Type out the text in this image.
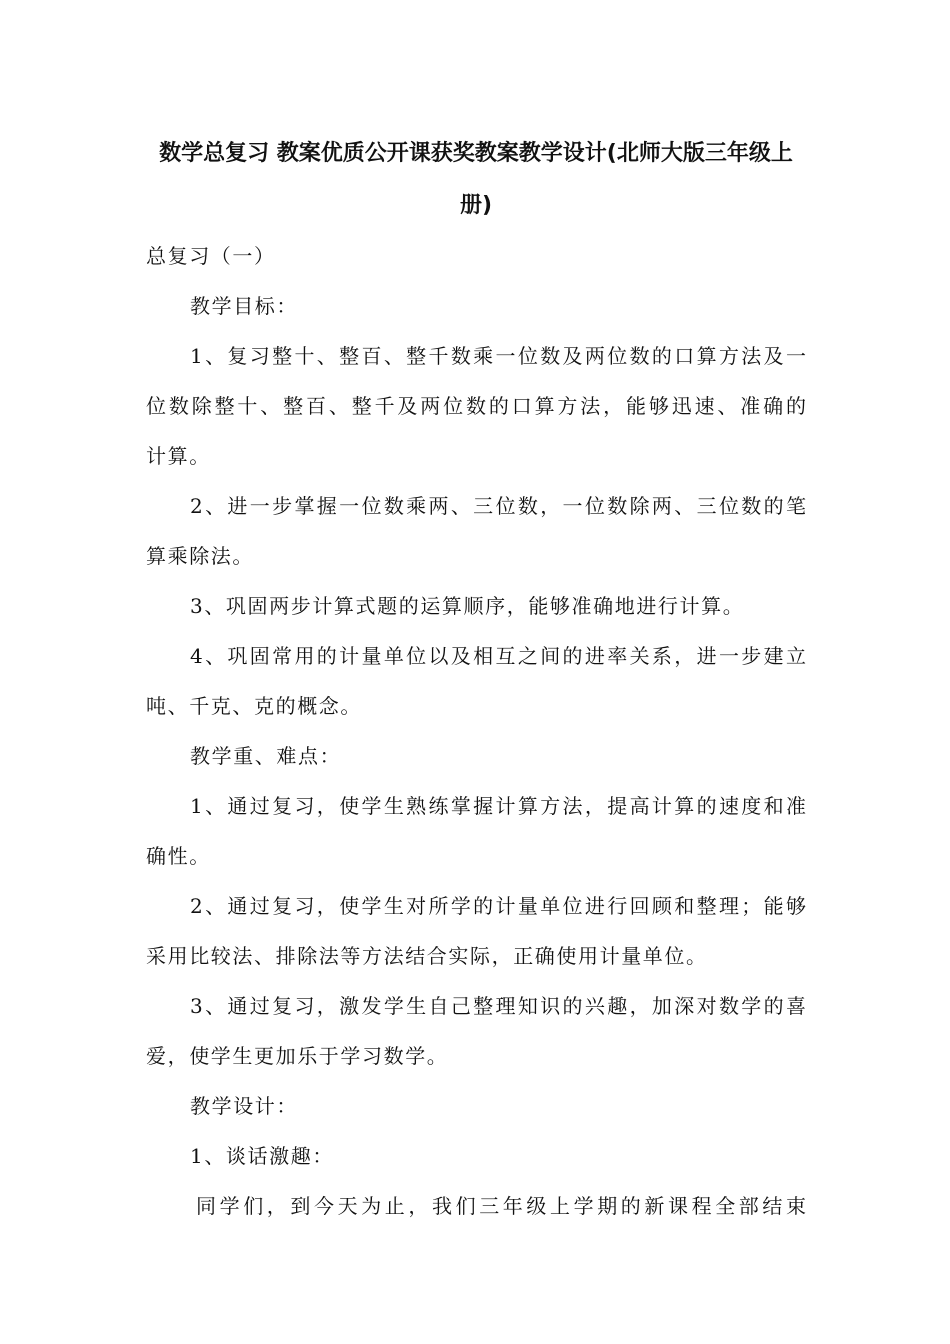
数学总复习 教案优质公开课获奖教案教学设计(北师大版三年级上
册)
总复习（一）
教学目标：
1、复习整十、整百、整千数乘一位数及两位数的口算方法及一
位数除整十、整百、整千及两位数的口算方法，能够迅速、准确的
计算。
2、进一步掌握一位数乘两、三位数，一位数除两、三位数的笔
算乘除法。
3、巩固两步计算式题的运算顺序，能够准确地进行计算。
4、巩固常用的计量单位以及相互之间的进率关系，进一步建立
吨、千克、克的概念。
教学重、难点：
1、通过复习，使学生熟练掌握计算方法，提高计算的速度和准
确性。
2、通过复习，使学生对所学的计量单位进行回顾和整理；能够
采用比较法、排除法等方法结合实际，正确使用计量单位。
3、通过复习，激发学生自己整理知识的兴趣，加深对数学的喜
爱，使学生更加乐于学习数学。
教学设计：
1、谈话激趣：
同学们，到今天为止，我们三年级上学期的新课程全部结束
